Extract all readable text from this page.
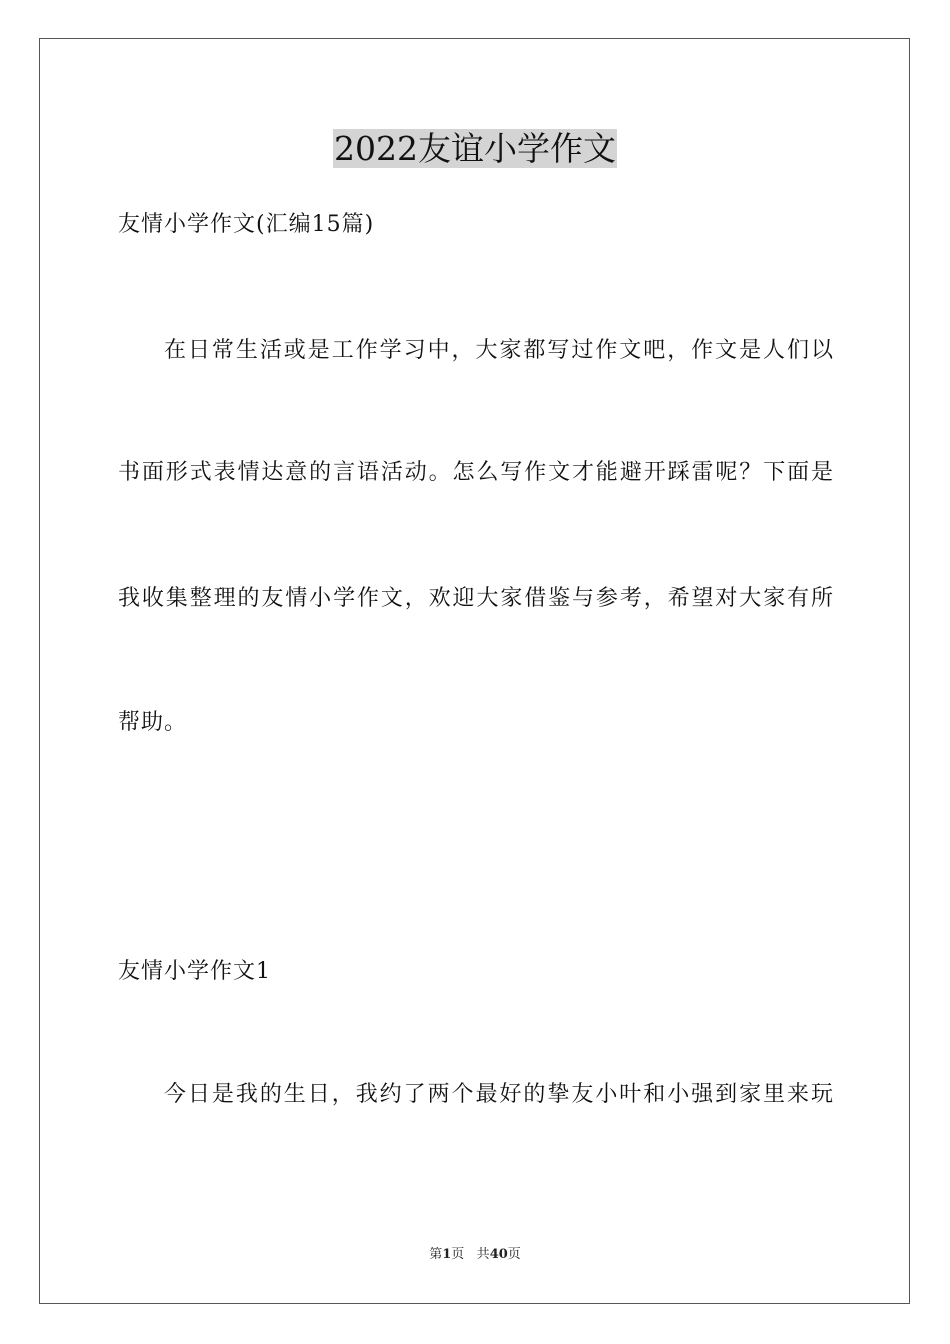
2022友谊小学作文
友情小学作文(汇编15篇)
在日常生活或是工作学习中，大家都写过作文吧，作文是人们以
书面形式表情达意的言语活动。怎么写作文才能避开踩雷呢？下面是
我收集整理的友情小学作文，欢迎大家借鉴与参考，希望对大家有所
帮助。
友情小学作文1
今日是我的生日，我约了两个最好的挚友小叶和小强到家里来玩
第1页 共40页
